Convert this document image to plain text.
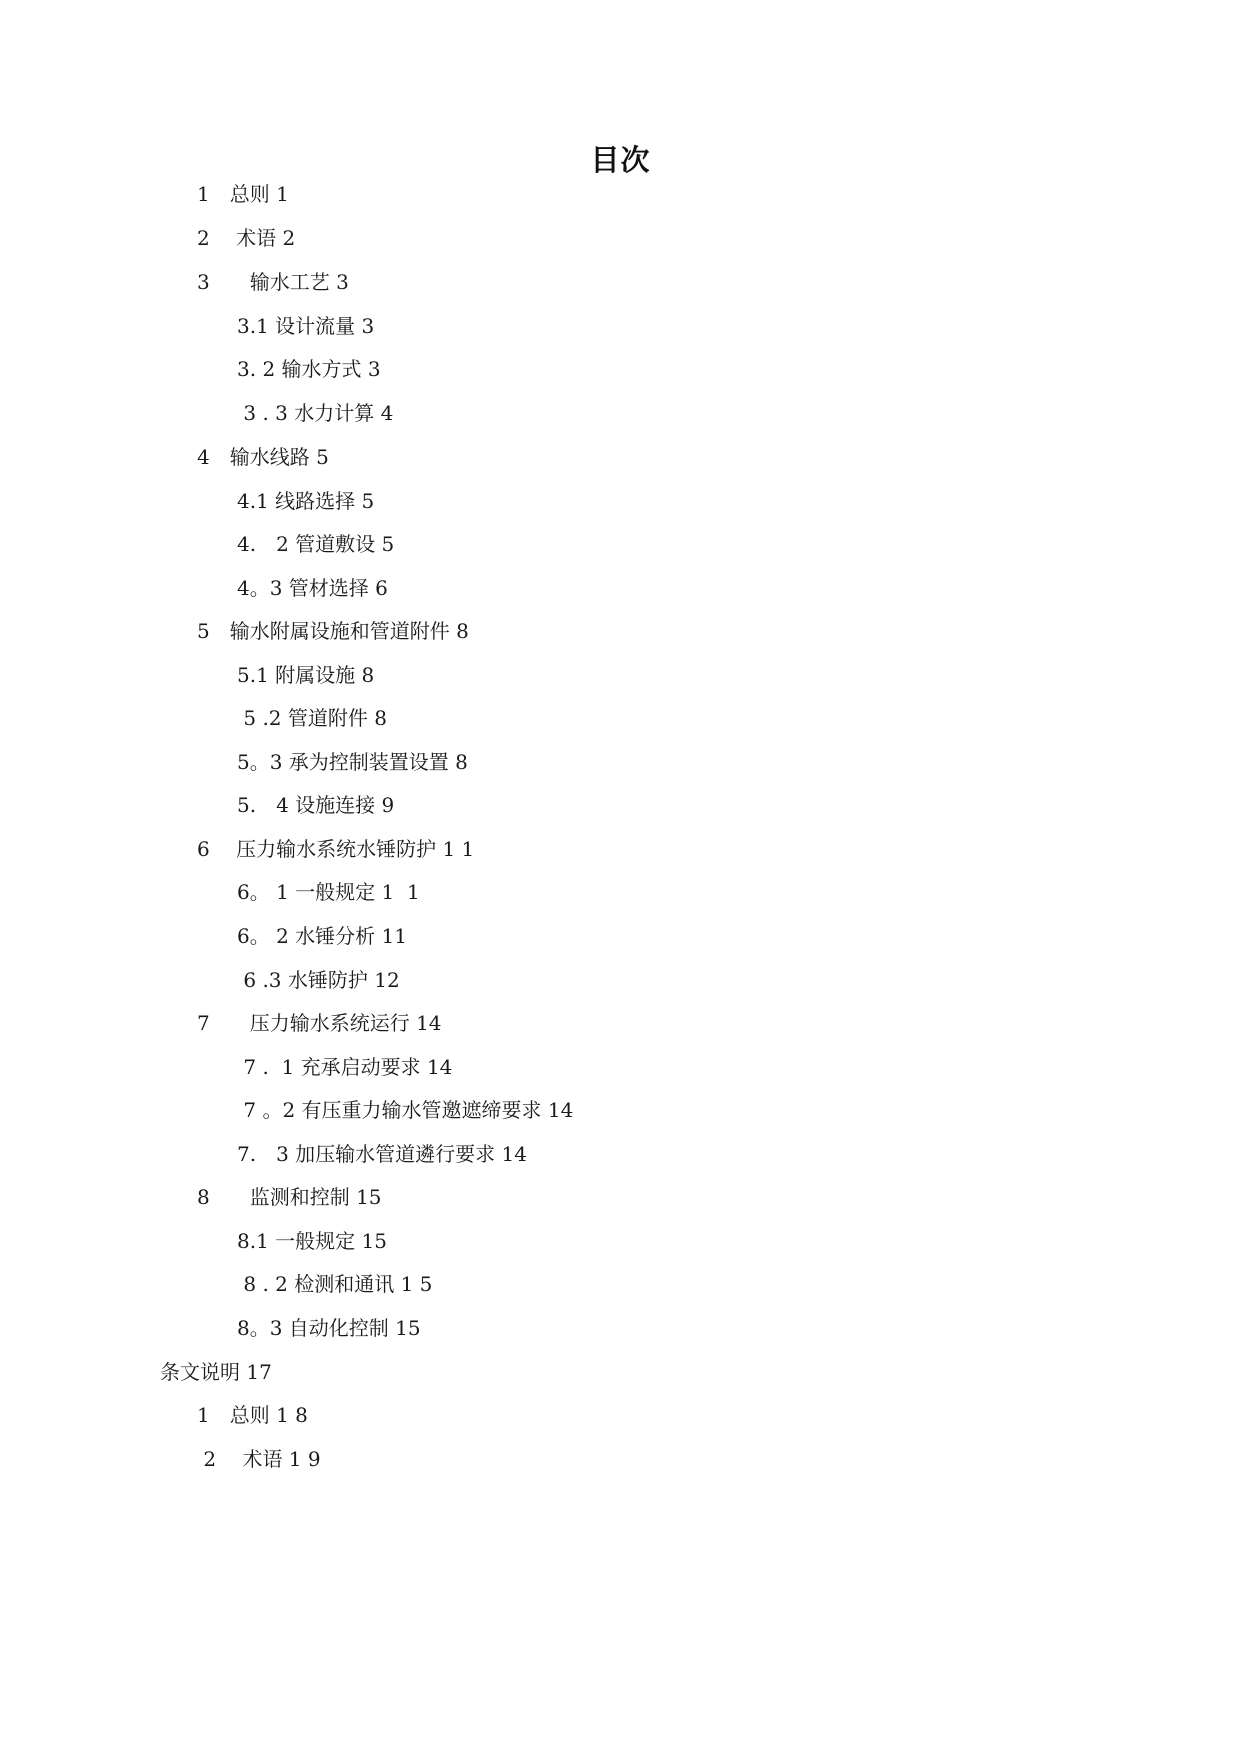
目次
1　总则 1
2　 术语 2
3　　输水工艺 3
3.1 设计流量 3
3. 2 输水方式 3
3 . 3 水力计算 4
4　输水线路 5
4.1 线路选择 5
4.　2 管道敷设 5
4。3 管材选择 6
5　输水附属设施和管道附件 8
5.1 附属设施 8
5 .2 管道附件 8
5。3 承为控制装置设置 8
5.　4 设施连接 9
6　 压力输水系统水锤防护 1 1
6。 1 一般规定 1  1
6。 2 水锤分析 11
6 .3 水锤防护 12
7　　压力输水系统运行 14
7 .  1 充承启动要求 14
7 。2 有压重力输水管邀遮缔要求 14
7.　3 加压输水管道遴行要求 14
8　　监测和控制 15
8.1 一般规定 15
8 . 2 检测和通讯 1 5
8。3 自动化控制 15
条文说明 17
1　总则 1 8
2　 术语 1 9
